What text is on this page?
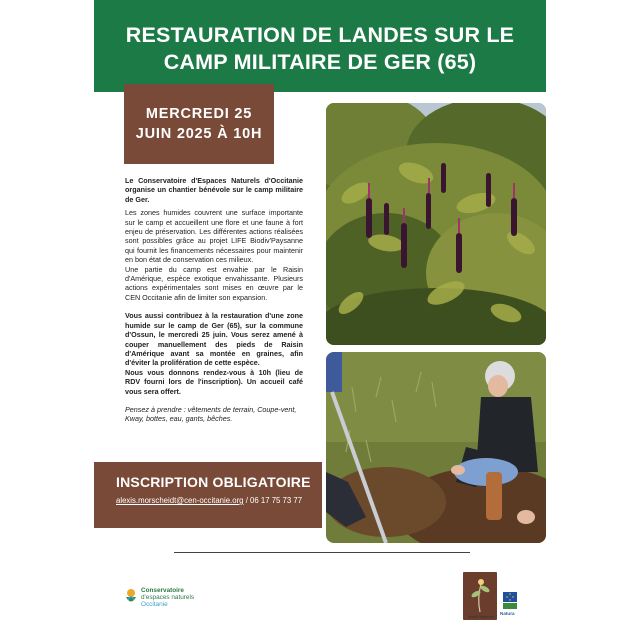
RESTAURATION DE LANDES SUR LE
CAMP MILITAIRE DE GER (65)
MERCREDI 25
JUIN 2025 À 10H

Le Conservatoire d'Espaces Naturels d'Occitanie organise un chantier bénévole sur le camp militaire de Ger.

Les zones humides couvrent une surface importante sur le camp et accueillent une flore et une faune à fort enjeu de préservation. Les différentes actions réalisées sont possibles grâce au projet LIFE Biodiv'Paysanne qui fournit les financements nécessaires pour maintenir en bon état de conservation ces milieux.

Une partie du camp est envahie par le Raisin d'Amérique, espèce exotique envahissante. Plusieurs actions expérimentales sont mises en œuvre par le CEN Occitanie afin de limiter son expansion.

Vous aussi contribuez à la restauration d'une zone humide sur le camp de Ger (65), sur la commune d'Ossun, le mercredi 25 juin. Vous serez amené à couper manuellement des pieds de Raisin d'Amérique avant sa montée en graines, afin d'éviter la prolifération de cette espèce.

Nous vous donnons rendez-vous à 10h (lieu de RDV fourni lors de l'inscription). Un accueil café vous sera offert.

Pensez à prendre : vêtements de terrain, Coupe-vent, Kway, bottes, eau, gants, bêches.

INSCRIPTION OBLIGATOIRE
alexis.morscheidt@cen-occitanie.org / 06 17 75 73 77
Conservatoire
d'espaces naturels
Occitanie
Biodiv'Paysanne
Natura
